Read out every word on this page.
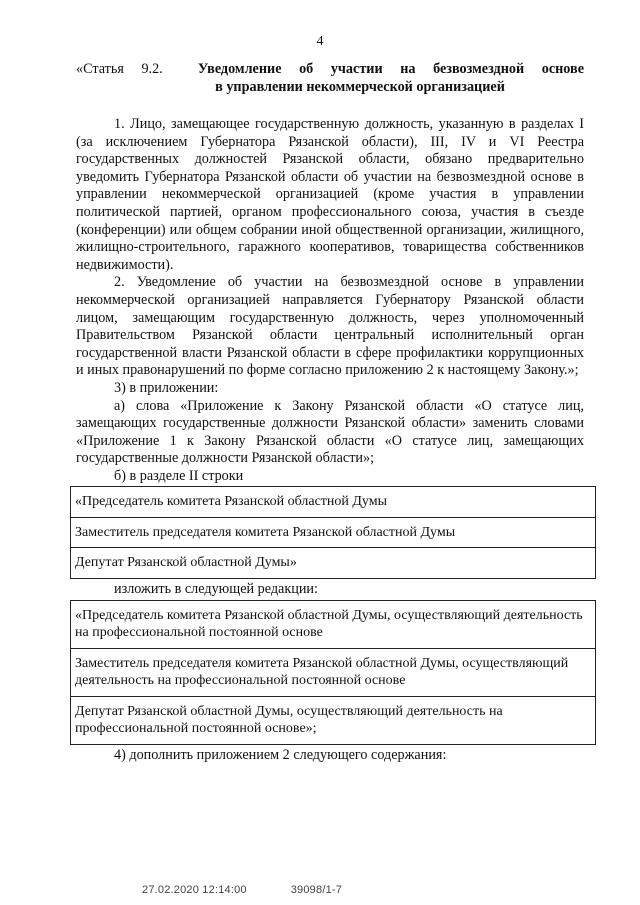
4
«Статья 9.2. Уведомление об участии на безвозмездной основе
в управлении некоммерческой организацией

1. Лицо, замещающее государственную должность, указанную в разделах I (за исключением Губернатора Рязанской области), III, IV и VI Реестра государственных должностей Рязанской области, обязано предварительно уведомить Губернатора Рязанской области об участии на безвозмездной основе в управлении некоммерческой организацией (кроме участия в управлении политической партией, органом профессионального союза, участия в съезде (конференции) или общем собрании иной общественной организации, жилищного, жилищно-строительного, гаражного кооперативов, товарищества собственников недвижимости).

2. Уведомление об участии на безвозмездной основе в управлении некоммерческой организацией направляется Губернатору Рязанской области лицом, замещающим государственную должность, через уполномоченный Правительством Рязанской области центральный исполнительный орган государственной власти Рязанской области в сфере профилактики коррупционных и иных правонарушений по форме согласно приложению 2 к настоящему Закону.»;

3) в приложении:

а) слова «Приложение к Закону Рязанской области «О статусе лиц, замещающих государственные должности Рязанской области» заменить словами «Приложение 1 к Закону Рязанской области «О статусе лиц, замещающих государственные должности Рязанской области»;

б) в разделе II строки

«Председатель комитета Рязанской областной Думы
Заместитель председателя комитета Рязанской областной Думы
Депутат Рязанской областной Думы»

изложить в следующей редакции:

«Председатель комитета Рязанской областной Думы, осуществляющий деятельность на профессиональной постоянной основе
Заместитель председателя комитета Рязанской областной Думы, осуществляющий деятельность на профессиональной постоянной основе
Депутат Рязанской областной Думы, осуществляющий деятельность на профессиональной постоянной основе»;

4) дополнить приложением 2 следующего содержания:

27.02.2020 12:14:00	39098/1-7
